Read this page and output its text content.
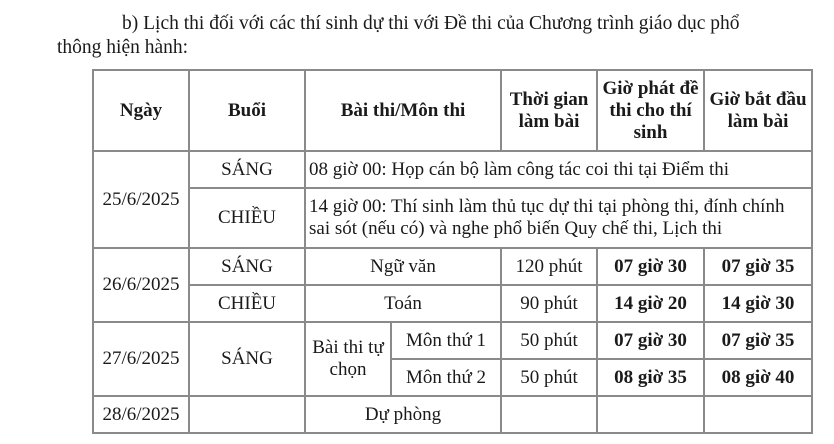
b) Lịch thi đối với các thí sinh dự thi với Đề thi của Chương trình giáo dục phổ
thông hiện hành:

Ngày	Buổi	Bài thi/Môn thi		Thời gian làm bài	Giờ phát đề thi cho thí sinh	Giờ bắt đầu làm bài
25/6/2025	SÁNG	08 giờ 00: Họp cán bộ làm công tác coi thi tại Điểm thi				
	CHIỀU	14 giờ 00: Thí sinh làm thủ tục dự thi tại phòng thi, đính chính sai sót (nếu có) và nghe phổ biến Quy chế thi, Lịch thi				
26/6/2025	SÁNG	Ngữ văn		120 phút	07 giờ 30	07 giờ 35
	CHIỀU	Toán		90 phút	14 giờ 20	14 giờ 30
27/6/2025	SÁNG	Bài thi tự chọn	Môn thứ 1	50 phút	07 giờ 30	07 giờ 35
			Môn thứ 2	50 phút	08 giờ 35	08 giờ 40
28/6/2025		Dự phòng				
